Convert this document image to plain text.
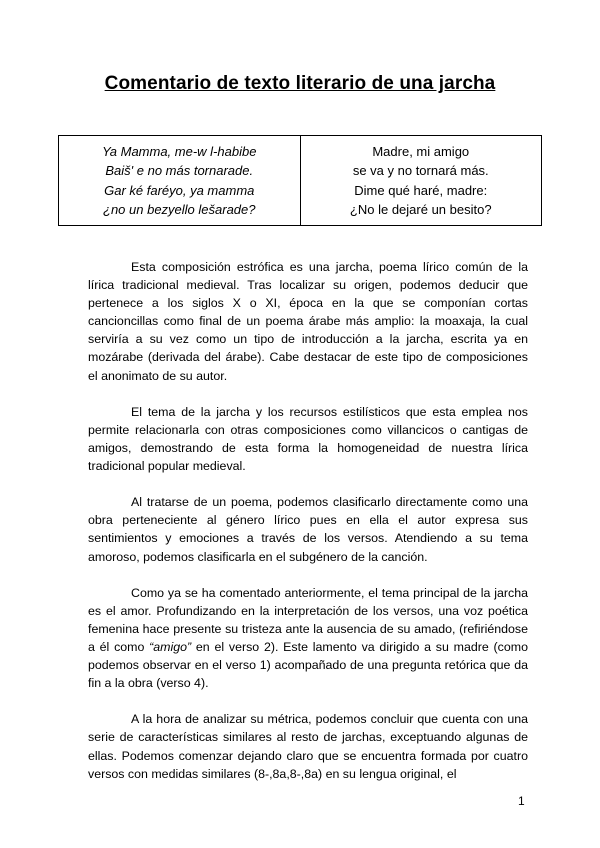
Comentario de texto literario de una jarcha
Ya Mamma, me-w l-habibe
Baiš' e no más tornarade.
Gar ké faréyo, ya mamma
¿no un bezyello lešarade?
Madre, mi amigo
se va y no tornará más.
Dime qué haré, madre:
¿No le dejaré un besito?

Esta composición estrófica es una jarcha, poema lírico común de la lírica tradicional medieval. Tras localizar su origen, podemos deducir que pertenece a los siglos X o XI, época en la que se componían cortas cancioncillas como final de un poema árabe más amplio: la moaxaja, la cual serviría a su vez como un tipo de introducción a la jarcha, escrita ya en mozárabe (derivada del árabe). Cabe destacar de este tipo de composiciones el anonimato de su autor.

El tema de la jarcha y los recursos estilísticos que esta emplea nos permite relacionarla con otras composiciones como villancicos o cantigas de amigos, demostrando de esta forma la homogeneidad de nuestra lírica tradicional popular medieval.

Al tratarse de un poema, podemos clasificarlo directamente como una obra perteneciente al género lírico pues en ella el autor expresa sus sentimientos y emociones a través de los versos. Atendiendo a su tema amoroso, podemos clasificarla en el subgénero de la canción.

Como ya se ha comentado anteriormente, el tema principal de la jarcha es el amor. Profundizando en la interpretación de los versos, una voz poética femenina hace presente su tristeza ante la ausencia de su amado, (refiriéndose a él como “amigo” en el verso 2). Este lamento va dirigido a su madre (como podemos observar en el verso 1) acompañado de una pregunta retórica que da fin a la obra (verso 4).

A la hora de analizar su métrica, podemos concluir que cuenta con una serie de características similares al resto de jarchas, exceptuando algunas de ellas. Podemos comenzar dejando claro que se encuentra formada por cuatro versos con medidas similares (8-,8a,8-,8a) en su lengua original, el

1
